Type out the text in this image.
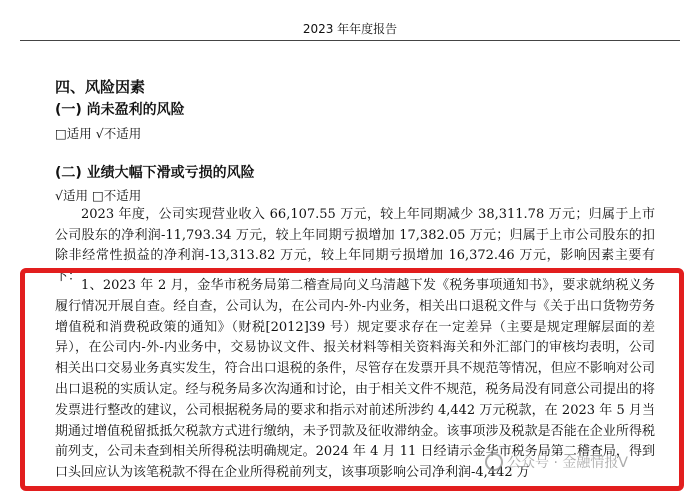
2023 年年度报告
四、风险因素
(一) 尚未盈利的风险
□适用 √不适用
(二) 业绩大幅下滑或亏损的风险
√适用 □不适用
2023 年度，公司实现营业收入 66,107.55 万元，较上年同期减少 38,311.78 万元；归属于上市公司股东的净利润-11,793.34 万元，较上年同期亏损增加 17,382.05 万元；归属于上市公司股东的扣除非经常性损益的净利润-13,313.82 万元，较上年同期亏损增加 16,372.46 万元，影响因素主要有下：
1、2023 年 2 月，金华市税务局第二稽查局向义乌清越下发《税务事项通知书》，要求就纳税义务履行情况开展自查。经自查，公司认为，在公司内-外-内业务，相关出口退税文件与《关于出口货物劳务增值税和消费税政策的通知》（财税[2012]39 号）规定要求存在一定差异（主要是规定理解层面的差异），在公司内-外-内业务中，交易协议文件、报关材料等相关资料海关和外汇部门的审核均表明，公司相关出口交易业务真实发生，符合出口退税的条件，尽管存在发票开具不规范等情况，但应不影响对公司出口退税的实质认定。经与税务局多次沟通和讨论，由于相关文件不规范，税务局没有同意公司提出的将发票进行整改的建议，公司根据税务局的要求和指示对前述所涉约 4,442 万元税款，在 2023 年 5 月当期通过增值税留抵抵欠税款方式进行缴纳，未予罚款及征收滞纳金。该事项涉及税款是否能在企业所得税前列支，公司未查到相关所得税法明确规定。2024 年 4 月 11 日经请示金华市税务局第二稽查局，得到口头回应认为该笔税款不得在企业所得税前列支，该事项影响公司净利润-4,442 万
公众号 · 金融情报V
